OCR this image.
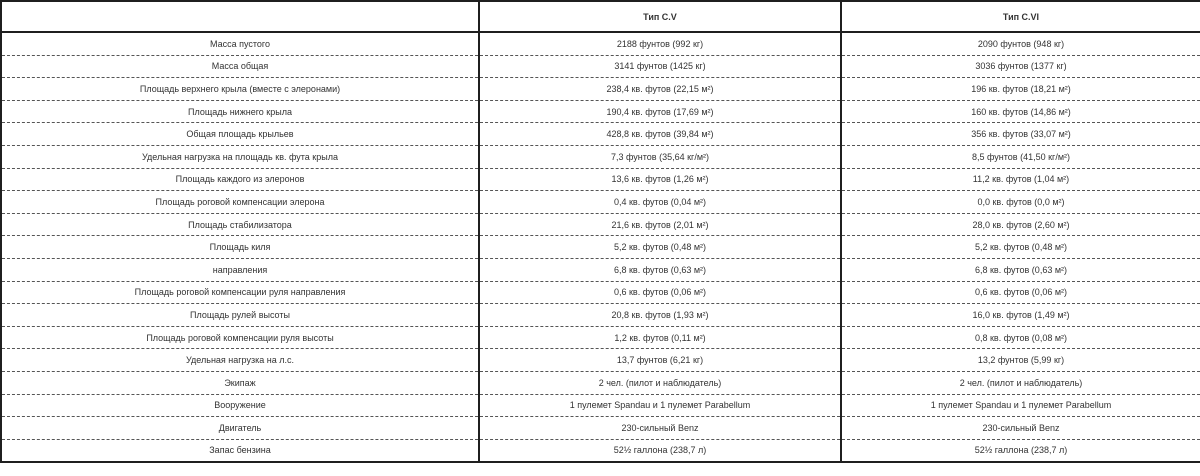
	Тип C.V	Тип C.VI
Масса пустого	2188 фунтов (992 кг)	2090 фунтов (948 кг)
Масса общая	3141 фунтов (1425 кг)	3036 фунтов (1377 кг)
Площадь верхнего крыла (вместе с элеронами)	238,4 кв. футов (22,15 м²)	196 кв. футов (18,21 м²)
Площадь нижнего крыла	190,4 кв. футов (17,69 м²)	160 кв. футов (14,86 м²)
Общая площадь крыльев	428,8 кв. футов (39,84 м²)	356 кв. футов (33,07 м²)
Удельная нагрузка на площадь кв. фута крыла	7,3 фунтов (35,64 кг/м²)	8,5 фунтов (41,50 кг/м²)
Площадь каждого из элеронов	13,6 кв. футов (1,26 м²)	11,2 кв. футов (1,04 м²)
Площадь роговой компенсации элерона	0,4 кв. футов (0,04 м²)	0,0 кв. футов (0,0 м²)
Площадь стабилизатора	21,6 кв. футов (2,01 м²)	28,0 кв. футов (2,60 м²)
Площадь киля	5,2 кв. футов (0,48 м²)	5,2 кв. футов (0,48 м²)
направления	6,8 кв. футов (0,63 м²)	6,8 кв. футов (0,63 м²)
Площадь роговой компенсации руля направления	0,6 кв. футов (0,06 м²)	0,6 кв. футов (0,06 м²)
Площадь рулей высоты	20,8 кв. футов (1,93 м²)	16,0 кв. футов (1,49 м²)
Площадь роговой компенсации руля высоты	1,2 кв. футов (0,11 м²)	0,8 кв. футов (0,08 м²)
Удельная нагрузка на л.с.	13,7 фунтов (6,21 кг)	13,2 фунтов (5,99 кг)
Экипаж	2 чел. (пилот и наблюдатель)	2 чел. (пилот и наблюдатель)
Вооружение	1 пулемет Spandau и 1 пулемет Parabellum	1 пулемет Spandau и 1 пулемет Parabellum
Двигатель	230-сильный Benz	230-сильный Benz
Запас бензина	52½ галлона (238,7 л)	52½ галлона (238,7 л)
